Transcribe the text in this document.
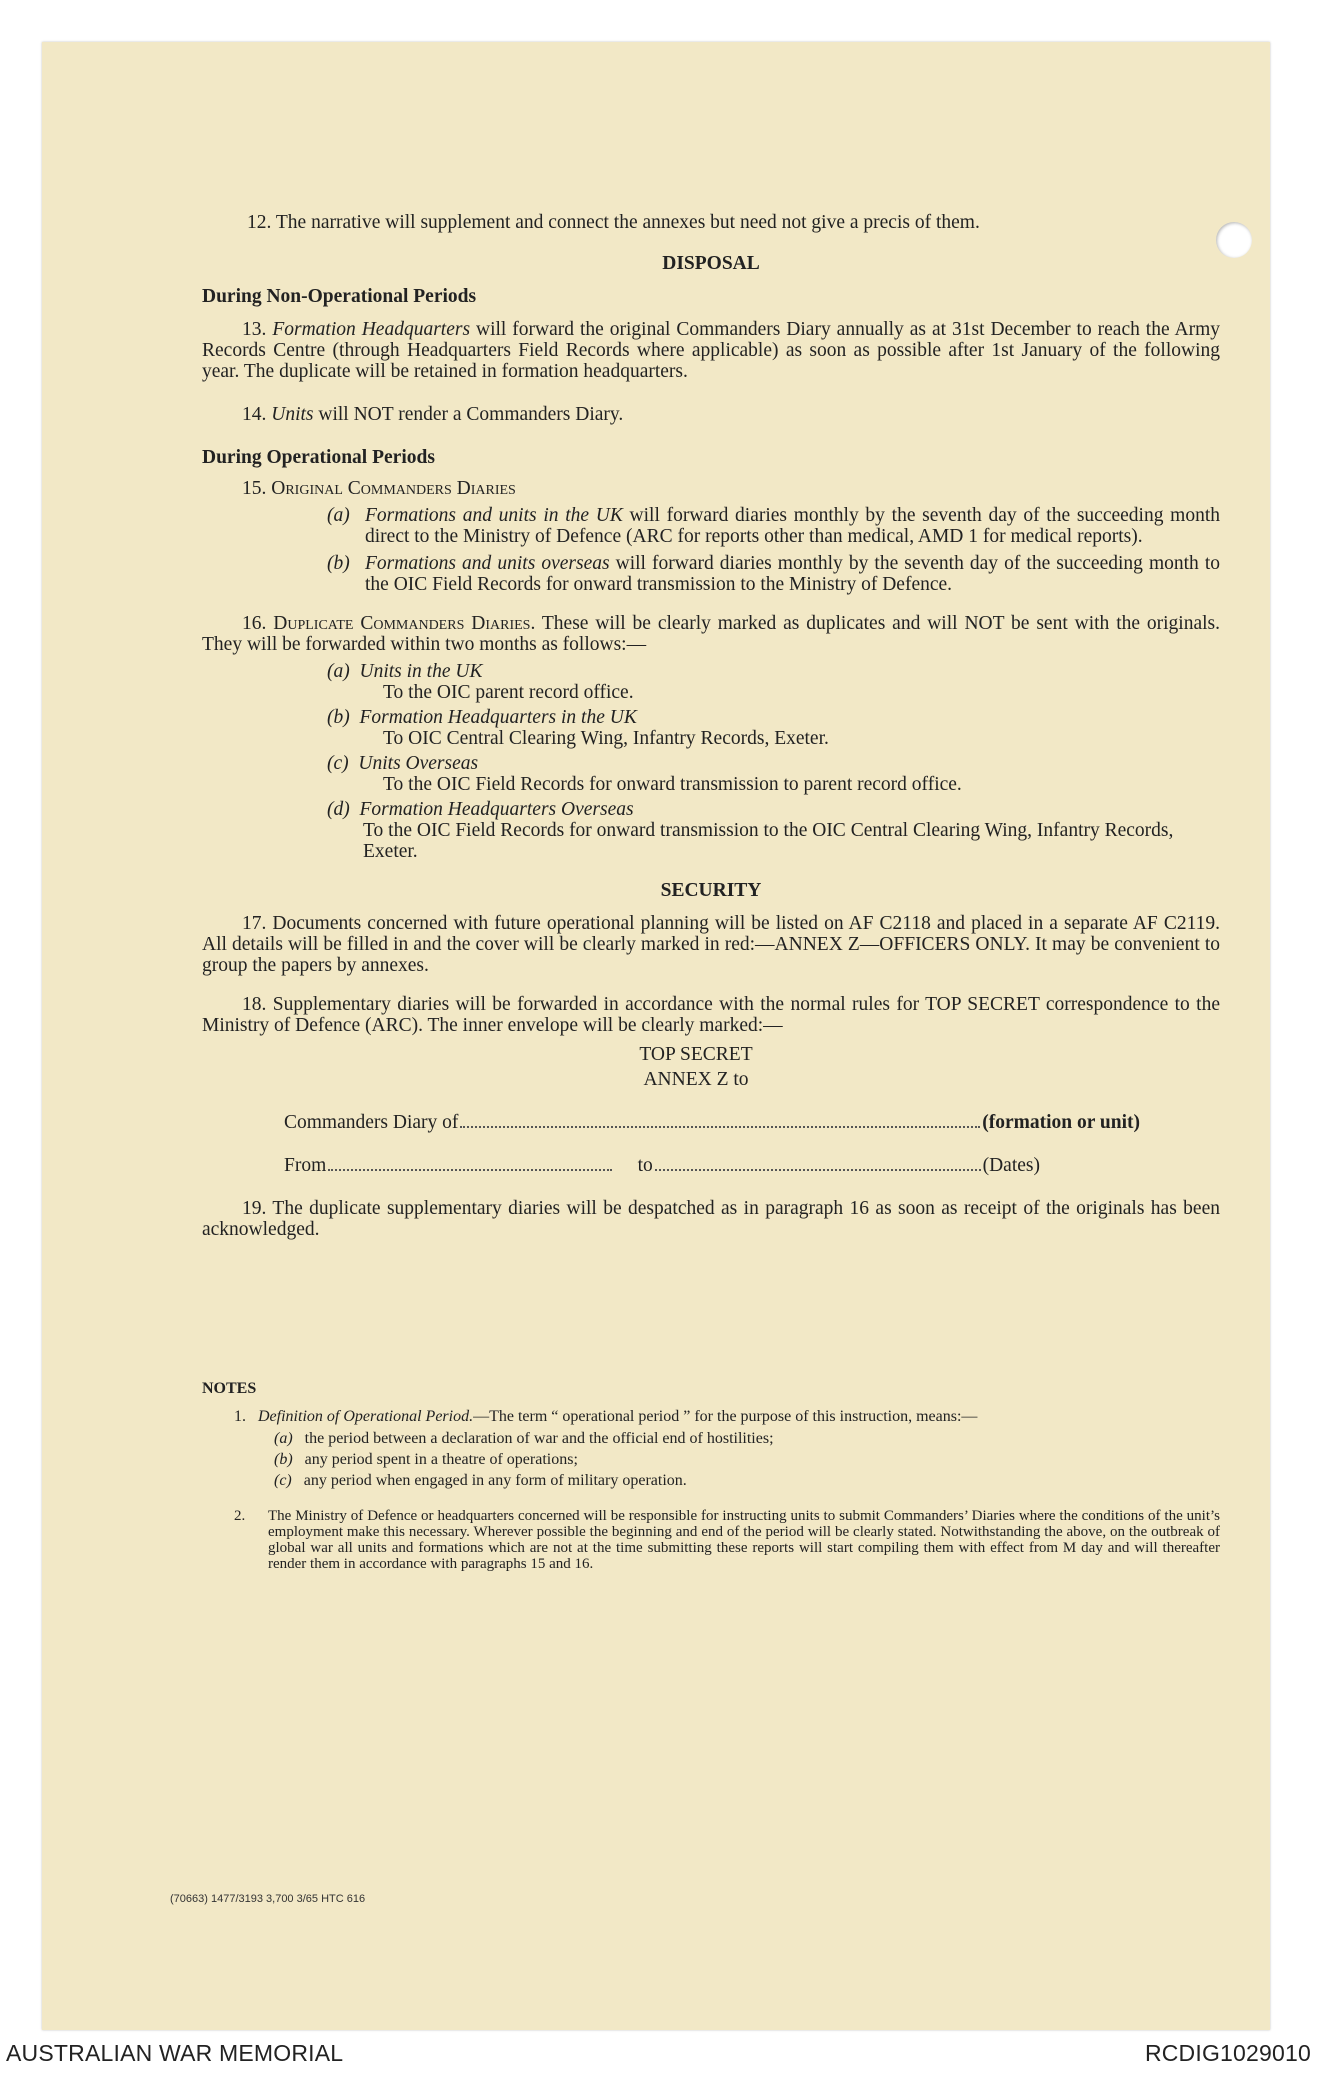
12. The narrative will supplement and connect the annexes but need not give a precis of them.

DISPOSAL

During Non-Operational Periods

13. Formation Headquarters will forward the original Commanders Diary annually as at 31st December to reach the Army Records Centre (through Headquarters Field Records where applicable) as soon as possible after 1st January of the following year. The duplicate will be retained in formation headquarters.

14. Units will NOT render a Commanders Diary.

During Operational Periods

15. Original Commanders Diaries

(a) Formations and units in the UK will forward diaries monthly by the seventh day of the succeeding month direct to the Ministry of Defence (ARC for reports other than medical, AMD 1 for medical reports).
(b) Formations and units overseas will forward diaries monthly by the seventh day of the succeeding month to the OIC Field Records for onward transmission to the Ministry of Defence.

16. Duplicate Commanders Diaries. These will be clearly marked as duplicates and will NOT be sent with the originals. They will be forwarded within two months as follows:—

(a) Units in the UK

To the OIC parent record office.

(b) Formation Headquarters in the UK

To OIC Central Clearing Wing, Infantry Records, Exeter.

(c) Units Overseas

To the OIC Field Records for onward transmission to parent record office.

(d) Formation Headquarters Overseas

To the OIC Field Records for onward transmission to the OIC Central Clearing Wing, Infantry Records, Exeter.

SECURITY

17. Documents concerned with future operational planning will be listed on AF C2118 and placed in a separate AF C2119. All details will be filled in and the cover will be clearly marked in red:—ANNEX Z—OFFICERS ONLY. It may be convenient to group the papers by annexes.

18. Supplementary diaries will be forwarded in accordance with the normal rules for TOP SECRET correspondence to the Ministry of Defence (ARC). The inner envelope will be clearly marked:—

TOP SECRET

ANNEX Z to

Commanders Diary of	(formation or unit)
From	to	(Dates)

19. The duplicate supplementary diaries will be despatched as in paragraph 16 as soon as receipt of the originals has been acknowledged.

NOTES

1. Definition of Operational Period.—The term “ operational period ” for the purpose of this instruction, means:—

(a) the period between a declaration of war and the official end of hostilities;

(b) any period spent in a theatre of operations;

(c) any period when engaged in any form of military operation.

2.	The Ministry of Defence or headquarters concerned will be responsible for instructing units to submit Commanders’ Diaries where the conditions of the unit’s employment make this necessary. Wherever possible the beginning and end of the period will be clearly stated. Notwithstanding the above, on the outbreak of global war all units and formations which are not at the time submitting these reports will start compiling them with effect from M day and will thereafter render them in accordance with paragraphs 15 and 16.
(70663) 1477/3193 3,700 3/65 HTC 616
AUSTRALIAN WAR MEMORIAL	RCDIG1029010
